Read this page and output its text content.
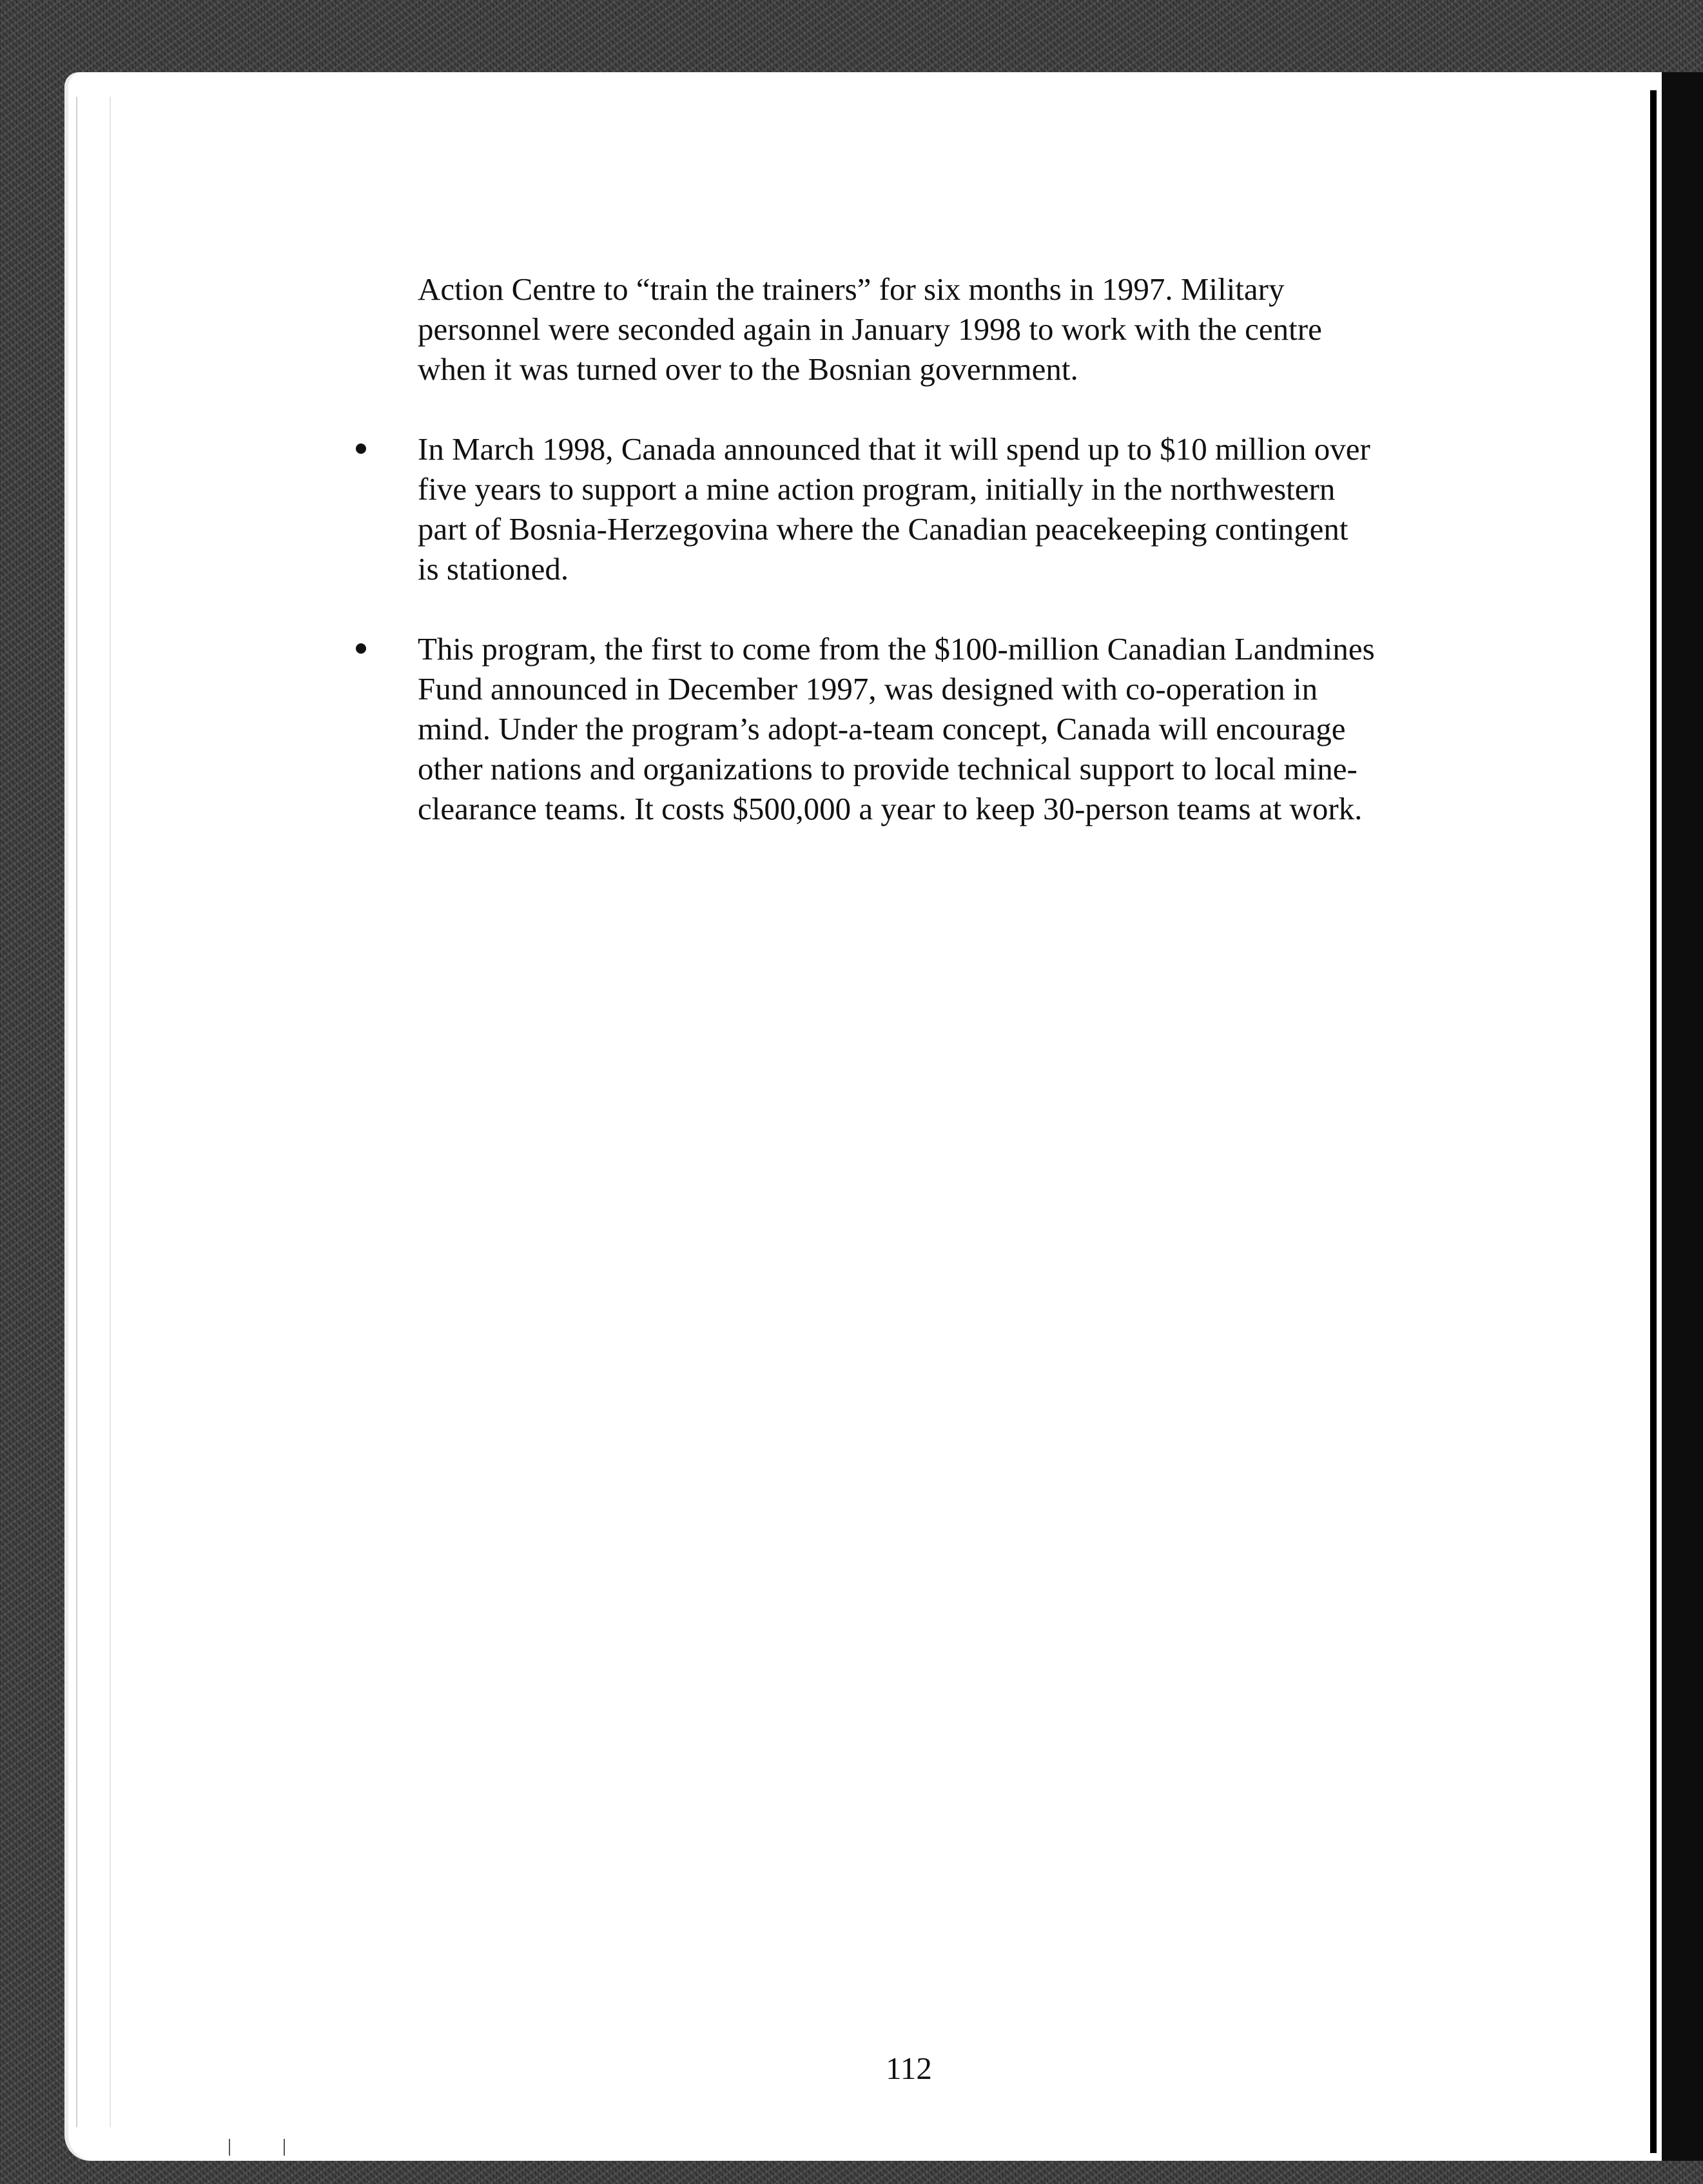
Action Centre to “train the trainers” for six months in 1997. Military
personnel were seconded again in January 1998 to work with the centre
when it was turned over to the Bosnian government.

In March 1998, Canada announced that it will spend up to $10 million over
five years to support a mine action program, initially in the northwestern
part of Bosnia-Herzegovina where the Canadian peacekeeping contingent
is stationed.

This program, the first to come from the $100-million Canadian Landmines
Fund announced in December 1997, was designed with co-operation in
mind. Under the program’s adopt-a-team concept, Canada will encourage
other nations and organizations to provide technical support to local mine-
clearance teams. It costs $500,000 a year to keep 30-person teams at work.

112
